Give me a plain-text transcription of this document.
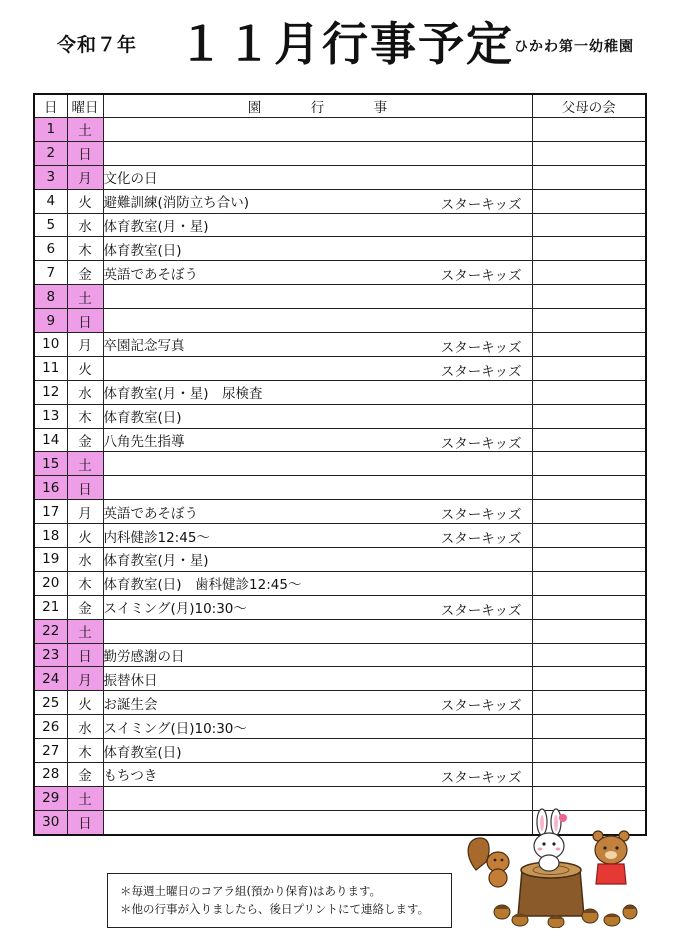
令和７年 １１月行事予定 ひかわ第一幼稚園
日	曜日	園　行　事	父母の会
1	土	

2	日	

3	月	文化の日

4	火	避難訓練(消防立ち合い) スターキッズ	

5	水	体育教室(月・星)

6	木	体育教室(日)

7	金	英語であそぼう スターキッズ	

8	土	

9	日	

10	月	卒園記念写真 スターキッズ	

11	火	スターキッズ	

12	水	体育教室(月・星)　尿検査

13	木	体育教室(日)

14	金	八角先生指導 スターキッズ	

15	土	

16	日	

17	月	英語であそぼう スターキッズ	

18	火	内科健診12:45～ スターキッズ	

19	水	体育教室(月・星)

20	木	体育教室(日)　歯科健診12:45～

21	金	スイミング(月)10:30～ スターキッズ	

22	土	

23	日	勤労感謝の日

24	月	振替休日

25	火	お誕生会 スターキッズ	

26	水	スイミング(日)10:30～

27	木	体育教室(日)

28	金	もちつき スターキッズ	

29	土	

30	日	

＊毎週土曜日のコアラ組(預かり保育)はあります。
＊他の行事が入りましたら、後日プリントにて連絡します。
